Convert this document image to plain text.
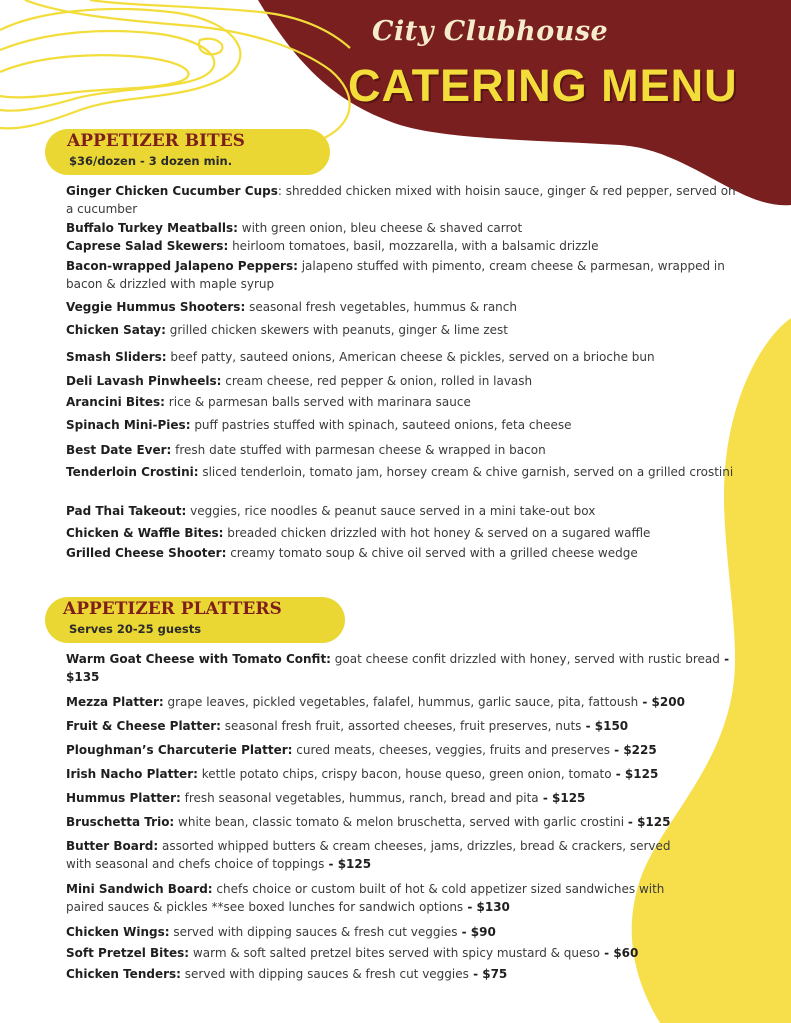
City Clubhouse
CATERING MENU
APPETIZER BITES
$36/dozen - 3 dozen min.
Ginger Chicken Cucumber Cups: shredded chicken mixed with hoisin sauce, ginger & red pepper, served on a cucumber
Buffalo Turkey Meatballs: with green onion, bleu cheese & shaved carrot
Caprese Salad Skewers: heirloom tomatoes, basil, mozzarella, with a balsamic drizzle
Bacon-wrapped Jalapeno Peppers: jalapeno stuffed with pimento, cream cheese & parmesan, wrapped in bacon & drizzled with maple syrup
Veggie Hummus Shooters: seasonal fresh vegetables, hummus & ranch
Chicken Satay: grilled chicken skewers with peanuts, ginger & lime zest
Smash Sliders: beef patty, sauteed onions, American cheese & pickles, served on a brioche bun
Deli Lavash Pinwheels: cream cheese, red pepper & onion, rolled in lavash
Arancini Bites: rice & parmesan balls served with marinara sauce
Spinach Mini-Pies: puff pastries stuffed with spinach, sauteed onions, feta cheese
Best Date Ever: fresh date stuffed with parmesan cheese & wrapped in bacon
Tenderloin Crostini: sliced tenderloin, tomato jam, horsey cream & chive garnish, served on a grilled crostini
Pad Thai Takeout: veggies, rice noodles & peanut sauce served in a mini take-out box
Chicken & Waffle Bites: breaded chicken drizzled with hot honey & served on a sugared waffle
Grilled Cheese Shooter: creamy tomato soup & chive oil served with a grilled cheese wedge
APPETIZER PLATTERS
Serves 20-25 guests
Warm Goat Cheese with Tomato Confit: goat cheese confit drizzled with honey, served with rustic bread - $135
Mezza Platter: grape leaves, pickled vegetables, falafel, hummus, garlic sauce, pita, fattoush - $200
Fruit & Cheese Platter: seasonal fresh fruit, assorted cheeses, fruit preserves, nuts - $150
Ploughman’s Charcuterie Platter: cured meats, cheeses, veggies, fruits and preserves - $225
Irish Nacho Platter: kettle potato chips, crispy bacon, house queso, green onion, tomato - $125
Hummus Platter: fresh seasonal vegetables, hummus, ranch, bread and pita - $125
Bruschetta Trio: white bean, classic tomato & melon bruschetta, served with garlic crostini - $125
Butter Board: assorted whipped butters & cream cheeses, jams, drizzles, bread & crackers, served with seasonal and chefs choice of toppings - $125
Mini Sandwich Board: chefs choice or custom built of hot & cold appetizer sized sandwiches with paired sauces & pickles **see boxed lunches for sandwich options - $130
Chicken Wings: served with dipping sauces & fresh cut veggies - $90
Soft Pretzel Bites: warm & soft salted pretzel bites served with spicy mustard & queso - $60
Chicken Tenders: served with dipping sauces & fresh cut veggies - $75
